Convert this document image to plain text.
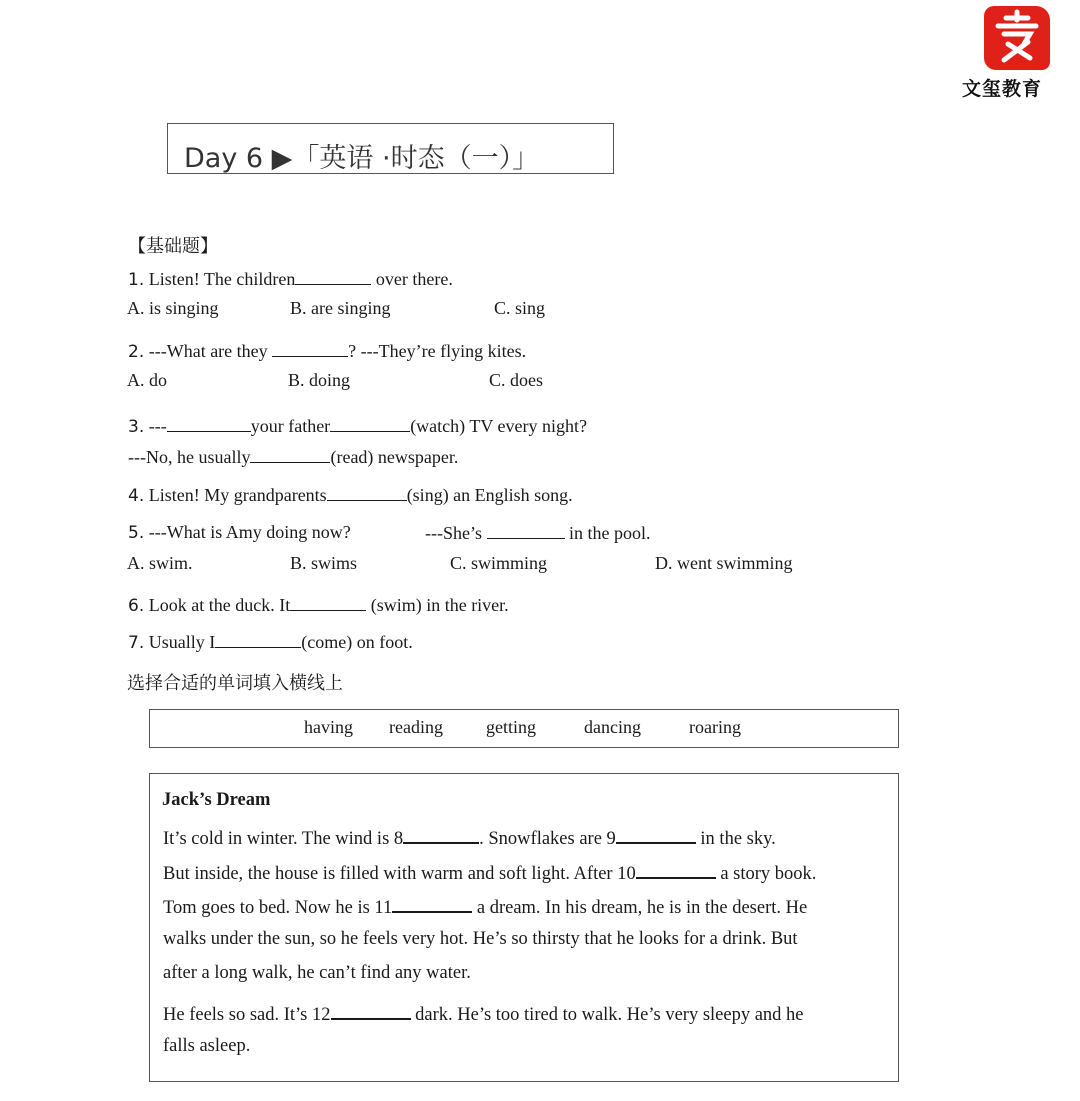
文玺教育
Day 6 ▶「英语 ·时态（一）」
【基础题】
1. Listen! The children	over there.
A. is singing	B. are singing	C. sing
2. ---What are they	? ---They’re flying kites.
A. do	B. doing	C. does
3. ---	your father	(watch) TV every night?
---No, he usually	(read) newspaper.
4. Listen! My grandparents	(sing) an English song.
5. ---What is Amy doing now?	---She’s	in the pool.
A. swim.	B. swims	C. swimming	D. went swimming
6. Look at the duck. It	(swim) in the river.
7. Usually I	(come) on foot.
选择合适的单词填入横线上
having reading getting	dancing	roaring
Jack’s Dream
It’s cold in winter. The wind is 8	. Snowflakes are 9	in the sky.
But inside, the house is filled with warm and soft light. After 10	a story book.
Tom goes to bed. Now he is 11	a dream. In his dream, he is in the desert. He
walks under the sun, so he feels very hot. He’s so thirsty that he looks for a drink. But
after a long walk, he can’t find any water.
He feels so sad. It’s 12	dark. He’s too tired to walk. He’s very sleepy and he
falls asleep.
